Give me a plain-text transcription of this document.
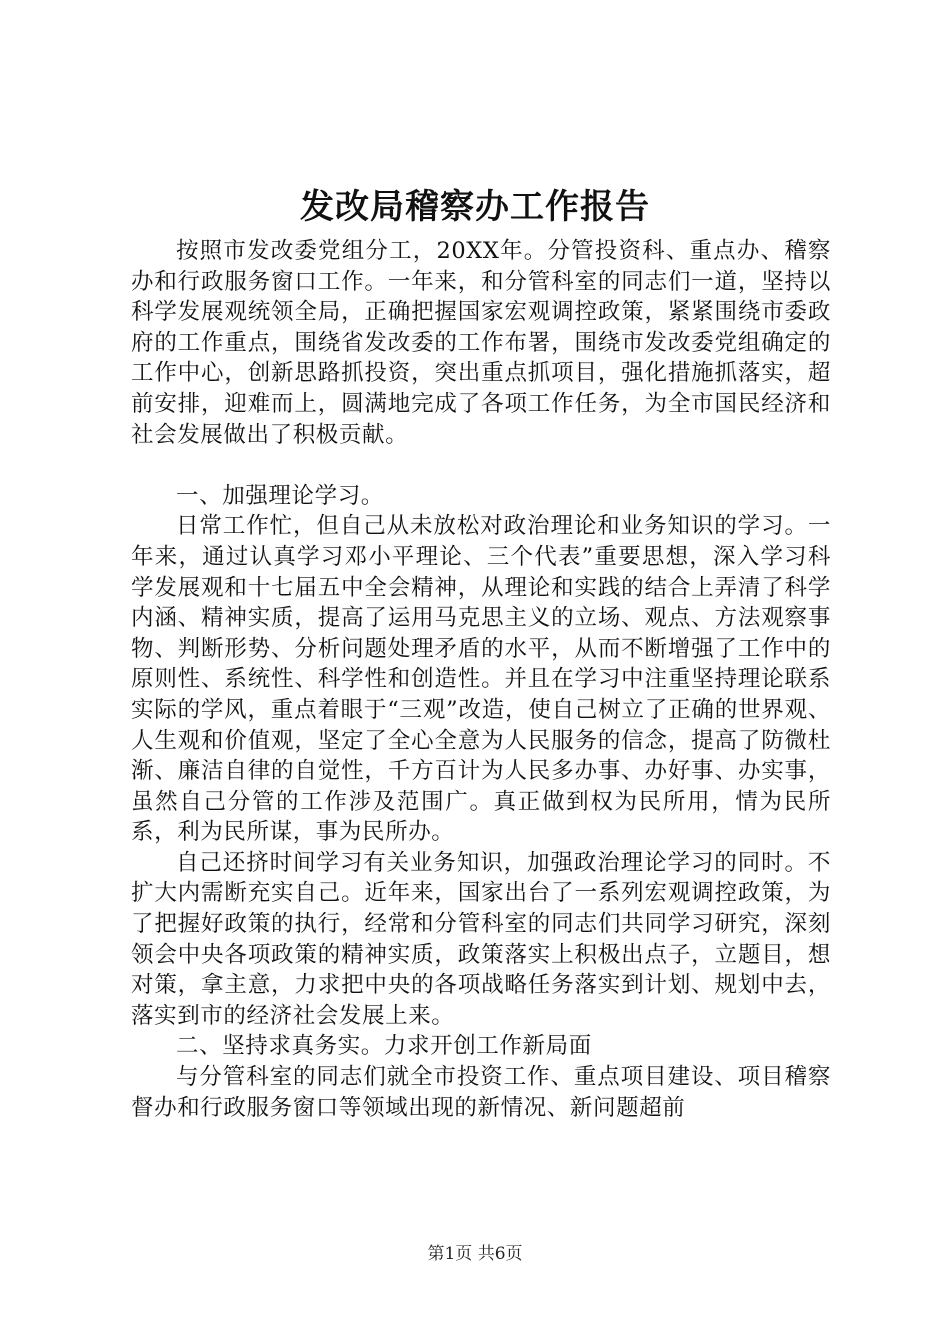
发改局稽察办工作报告

按照市发改委党组分工，20XX年。分管投资科、重点办、稽察办和行政服务窗口工作。一年来，和分管科室的同志们一道，坚持以科学发展观统领全局，正确把握国家宏观调控政策，紧紧围绕市委政府的工作重点，围绕省发改委的工作布署，围绕市发改委党组确定的工作中心，创新思路抓投资，突出重点抓项目，强化措施抓落实，超前安排，迎难而上，圆满地完成了各项工作任务，为全市国民经济和社会发展做出了积极贡献。

一、加强理论学习。

日常工作忙，但自己从未放松对政治理论和业务知识的学习。一年来，通过认真学习邓小平理论、三个代表”重要思想，深入学习科学发展观和十七届五中全会精神，从理论和实践的结合上弄清了科学内涵、精神实质，提高了运用马克思主义的立场、观点、方法观察事物、判断形势、分析问题处理矛盾的水平，从而不断增强了工作中的原则性、系统性、科学性和创造性。并且在学习中注重坚持理论联系实际的学风，重点着眼于“三观”改造，使自己树立了正确的世界观、人生观和价值观，坚定了全心全意为人民服务的信念，提高了防微杜渐、廉洁自律的自觉性，千方百计为人民多办事、办好事、办实事，虽然自己分管的工作涉及范围广。真正做到权为民所用，情为民所系，利为民所谋，事为民所办。

自己还挤时间学习有关业务知识，加强政治理论学习的同时。不扩大内需断充实自己。近年来，国家出台了一系列宏观调控政策，为了把握好政策的执行，经常和分管科室的同志们共同学习研究，深刻领会中央各项政策的精神实质，政策落实上积极出点子，立题目，想对策，拿主意，力求把中央的各项战略任务落实到计划、规划中去，落实到市的经济社会发展上来。

二、坚持求真务实。力求开创工作新局面

与分管科室的同志们就全市投资工作、重点项目建设、项目稽察督办和行政服务窗口等领域出现的新情况、新问题超前

第1页 共6页
